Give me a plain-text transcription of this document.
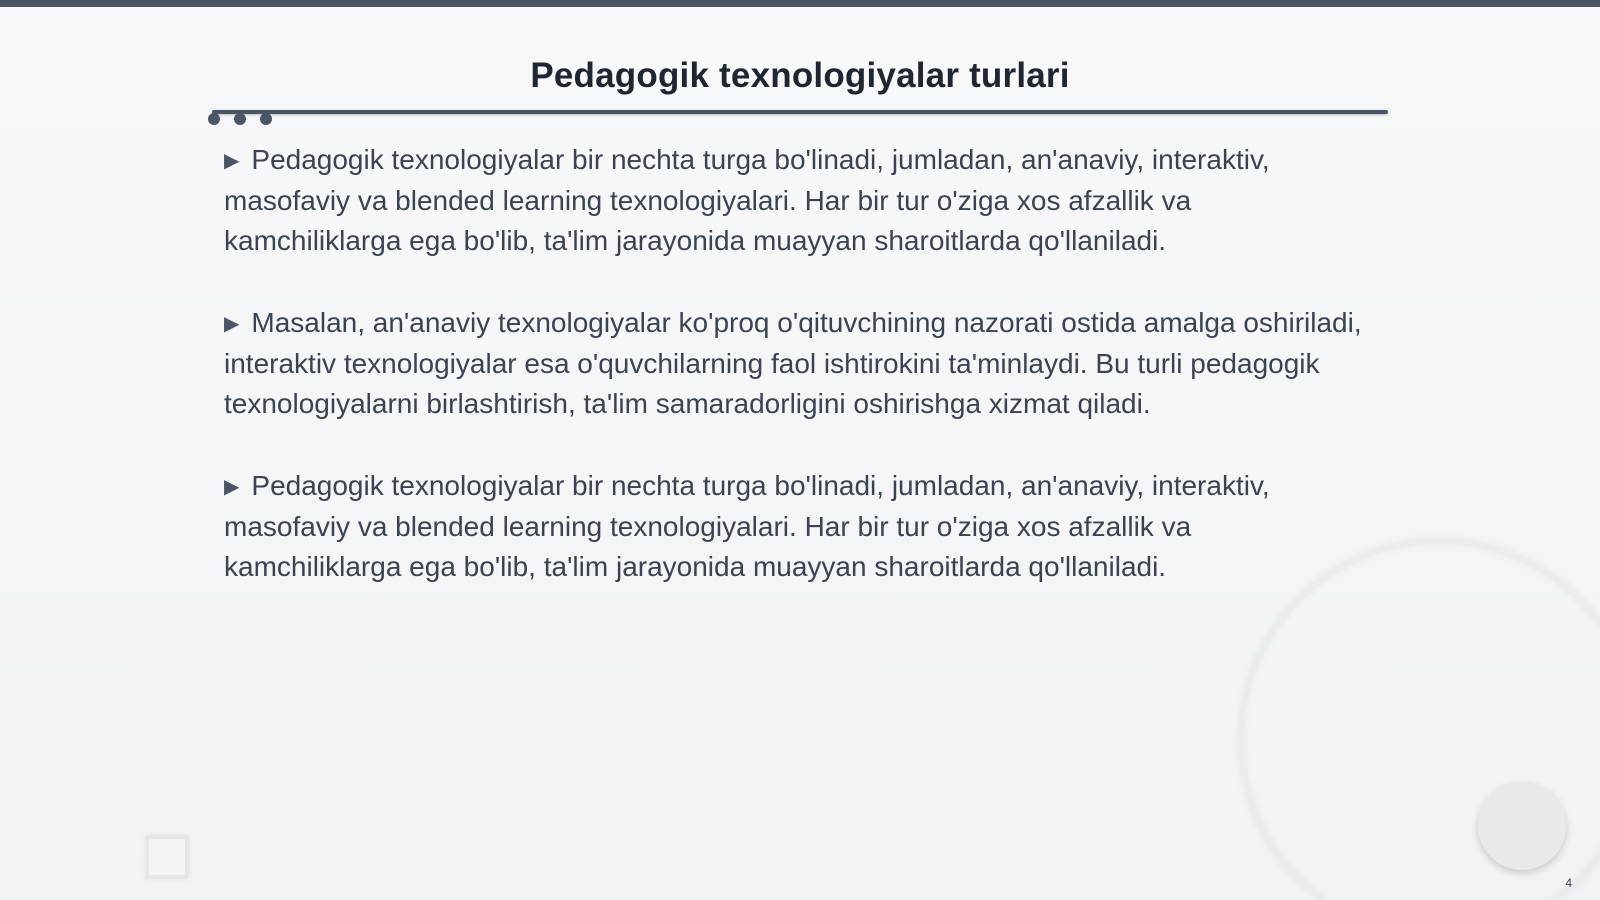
Pedagogik texnologiyalar turlari

▶ Pedagogik texnologiyalar bir nechta turga bo'linadi, jumladan, an'anaviy, interaktiv, masofaviy va blended learning texnologiyalari. Har bir tur o'ziga xos afzallik va kamchiliklarga ega bo'lib, ta'lim jarayonida muayyan sharoitlarda qo'llaniladi.

▶ Masalan, an'anaviy texnologiyalar ko'proq o'qituvchining nazorati ostida amalga oshiriladi, interaktiv texnologiyalar esa o'quvchilarning faol ishtirokini ta'minlaydi. Bu turli pedagogik texnologiyalarni birlashtirish, ta'lim samaradorligini oshirishga xizmat qiladi.

▶ Pedagogik texnologiyalar bir nechta turga bo'linadi, jumladan, an'anaviy, interaktiv, masofaviy va blended learning texnologiyalari. Har bir tur o'ziga xos afzallik va kamchiliklarga ega bo'lib, ta'lim jarayonida muayyan sharoitlarda qo'llaniladi.

4
